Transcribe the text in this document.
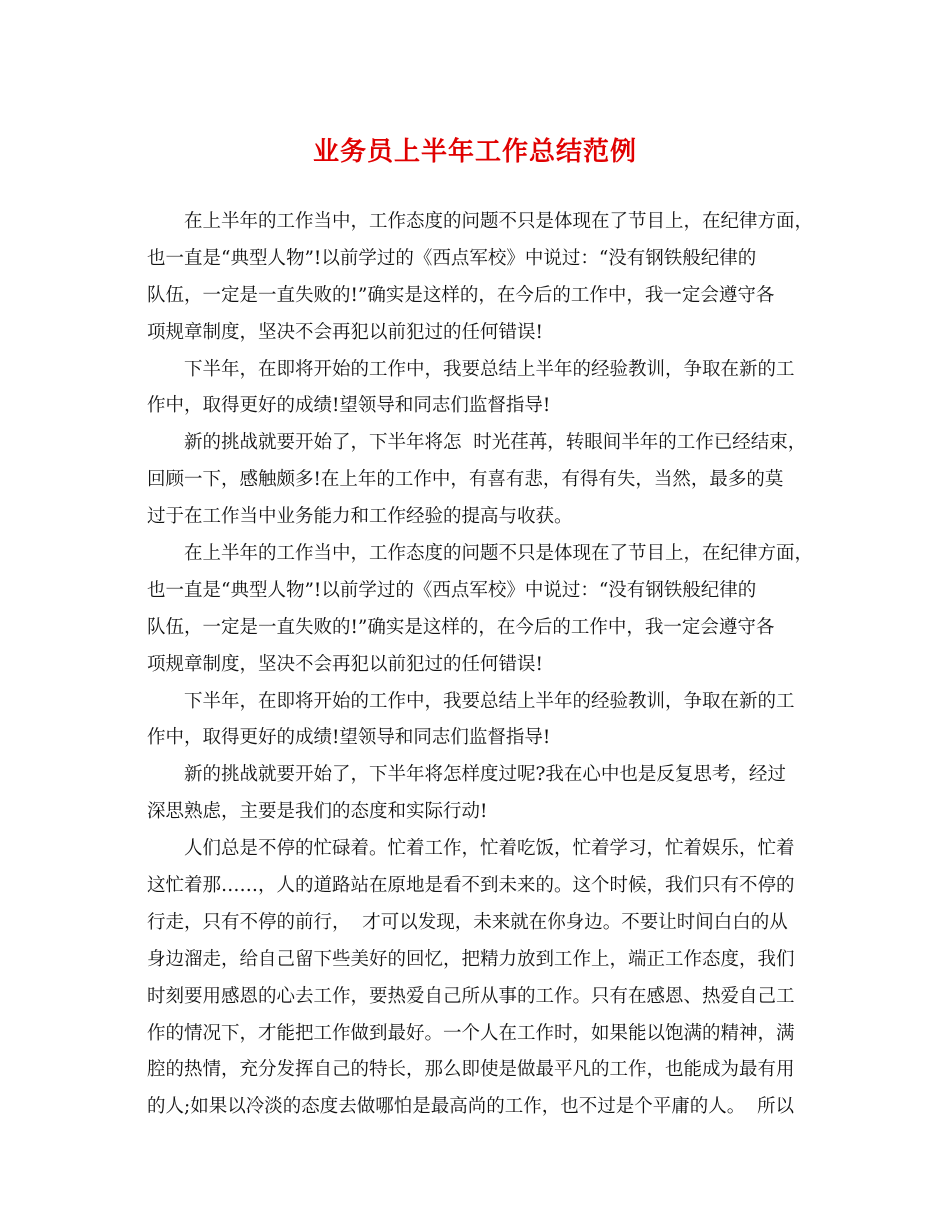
业务员上半年工作总结范例
在上半年的工作当中，工作态度的问题不只是体现在了节目上，在纪律方面，
也一直是“典型人物”!以前学过的《西点军校》中说过：“没有钢铁般纪律的
队伍，一定是一直失败的!”确实是这样的，在今后的工作中，我一定会遵守各
项规章制度，坚决不会再犯以前犯过的任何错误!
下半年，在即将开始的工作中，我要总结上半年的经验教训，争取在新的工
作中，取得更好的成绩!望领导和同志们监督指导!
新的挑战就要开始了，下半年将怎  时光荏苒，转眼间半年的工作已经结束，
回顾一下，感触颇多!在上年的工作中，有喜有悲，有得有失，当然，最多的莫
过于在工作当中业务能力和工作经验的提高与收获。
在上半年的工作当中，工作态度的问题不只是体现在了节目上，在纪律方面，
也一直是“典型人物”!以前学过的《西点军校》中说过：“没有钢铁般纪律的
队伍，一定是一直失败的!”确实是这样的，在今后的工作中，我一定会遵守各
项规章制度，坚决不会再犯以前犯过的任何错误!
下半年，在即将开始的工作中，我要总结上半年的经验教训，争取在新的工
作中，取得更好的成绩!望领导和同志们监督指导!
新的挑战就要开始了，下半年将怎样度过呢?我在心中也是反复思考，经过
深思熟虑，主要是我们的态度和实际行动!
人们总是不停的忙碌着。忙着工作，忙着吃饭，忙着学习，忙着娱乐，忙着
这忙着那……，人的道路站在原地是看不到未来的。这个时候，我们只有不停的
行走，只有不停的前行，  才可以发现，未来就在你身边。不要让时间白白的从
身边溜走，给自己留下些美好的回忆，把精力放到工作上，端正工作态度，我们
时刻要用感恩的心去工作，要热爱自己所从事的工作。只有在感恩、热爱自己工
作的情况下，才能把工作做到最好。一个人在工作时，如果能以饱满的精神，满
腔的热情，充分发挥自己的特长，那么即使是做最平凡的工作，也能成为最有用
的人;如果以冷淡的态度去做哪怕是最高尚的工作，也不过是个平庸的人。  所以
